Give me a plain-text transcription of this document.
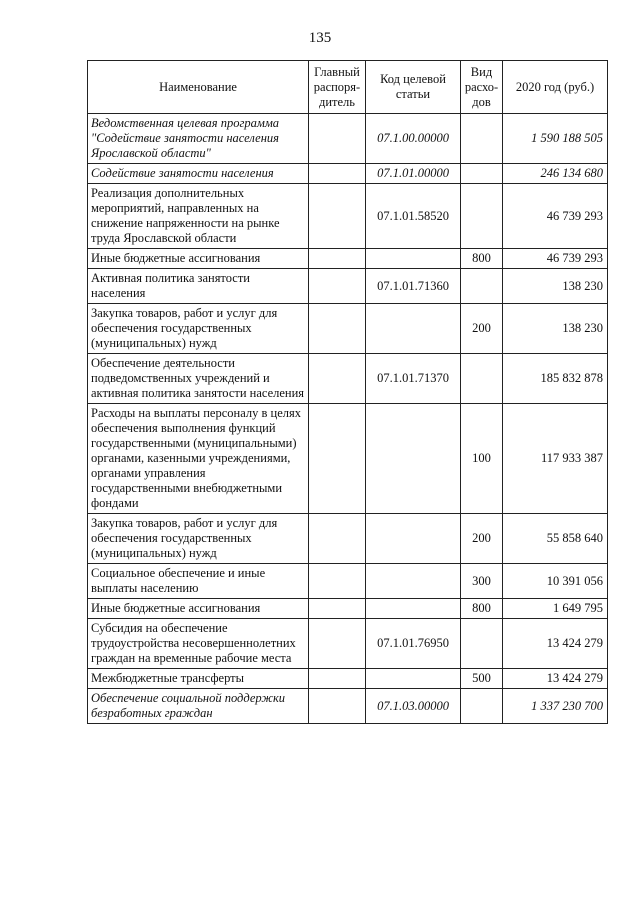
135
Наименование	Главный распоря-дитель	Код целевой статьи	Вид расхо-дов	2020 год (руб.)
Ведомственная целевая программа "Содействие занятости населения Ярославской области"		07.1.00.00000		1 590 188 505
Содействие занятости населения		07.1.01.00000		246 134 680
Реализация дополнительных мероприятий, направленных на снижение напряженности на рынке труда Ярославской области		07.1.01.58520		46 739 293
Иные бюджетные ассигнования			800	46 739 293
Активная политика занятости населения		07.1.01.71360		138 230
Закупка товаров, работ и услуг для обеспечения государственных (муниципальных) нужд			200	138 230
Обеспечение деятельности подведомственных учреждений и активная политика занятости населения		07.1.01.71370		185 832 878
Расходы на выплаты персоналу в целях обеспечения выполнения функций государственными (муниципальными) органами, казенными учреждениями, органами управления государственными внебюджетными фондами			100	117 933 387
Закупка товаров, работ и услуг для обеспечения государственных (муниципальных) нужд			200	55 858 640
Социальное обеспечение и иные выплаты населению			300	10 391 056
Иные бюджетные ассигнования			800	1 649 795
Субсидия на обеспечение трудоустройства несовершеннолетних граждан на временные рабочие места		07.1.01.76950		13 424 279
Межбюджетные трансферты			500	13 424 279
Обеспечение социальной поддержки безработных граждан		07.1.03.00000		1 337 230 700
